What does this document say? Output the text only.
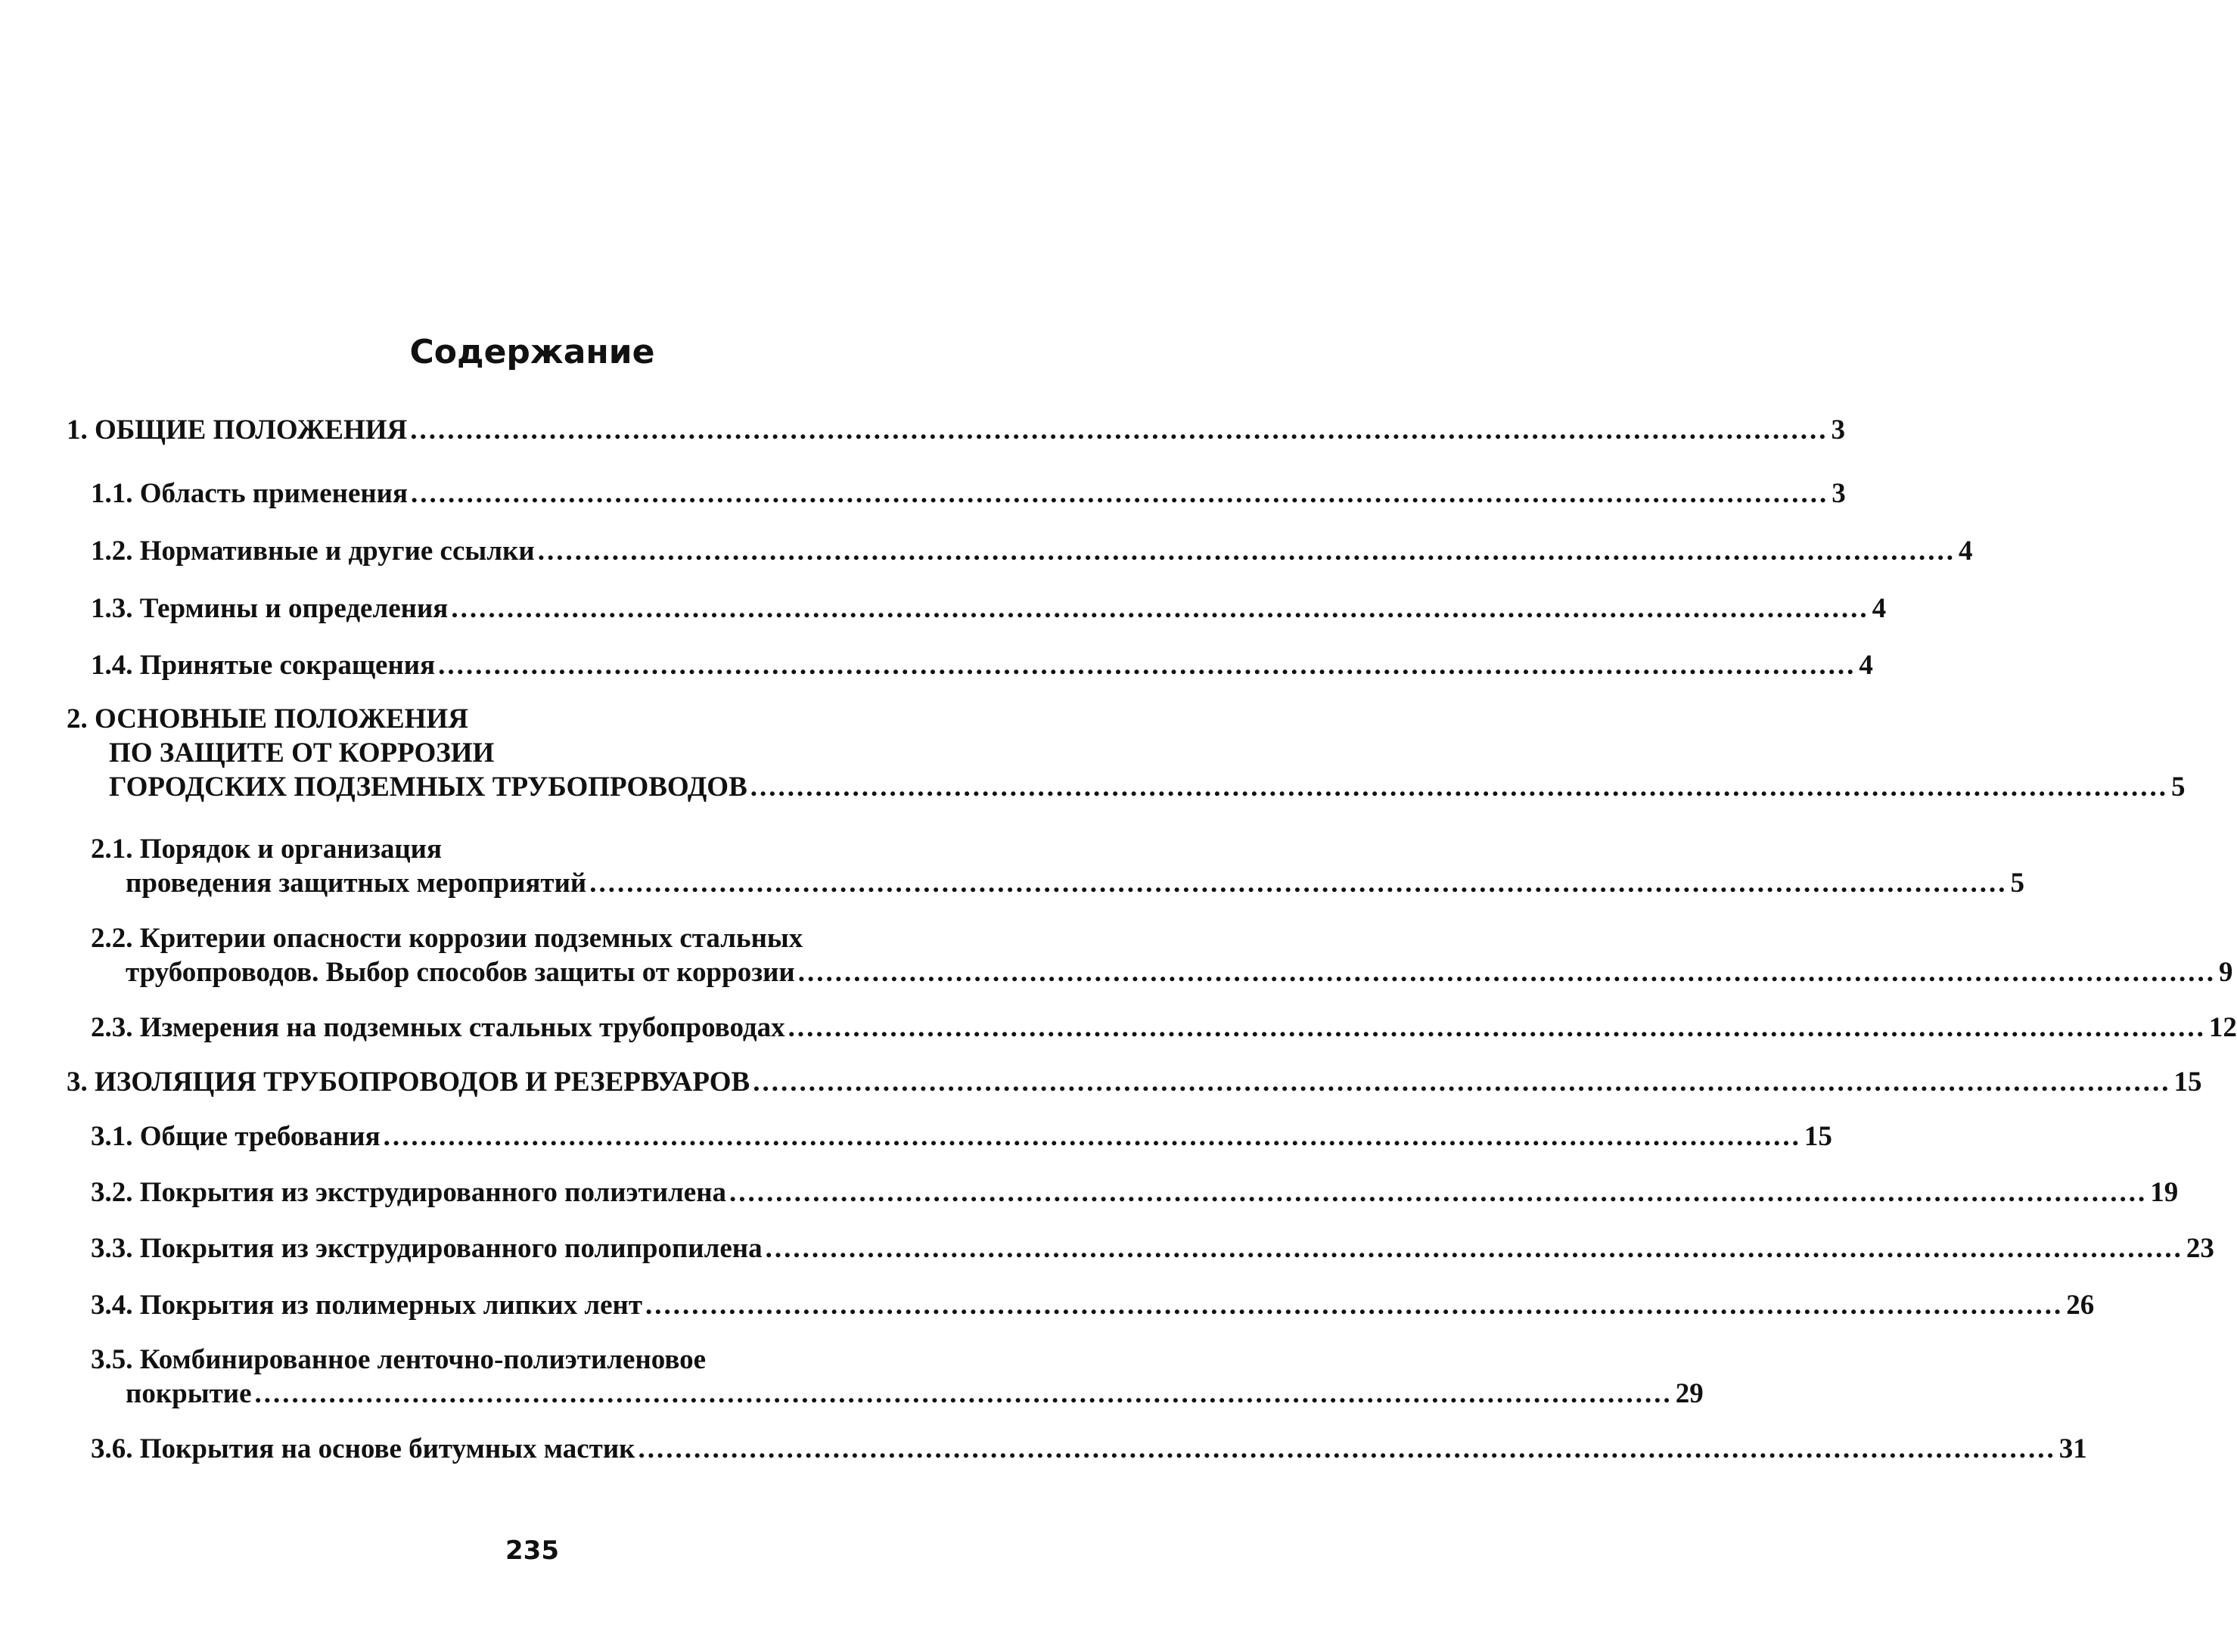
Содержание
1. ОБЩИЕ ПОЛОЖЕНИЯ ......................................................................................................................................................... 3
1.1. Область применения ......................................................................................................................................................... 3
1.2. Нормативные и другие ссылки ......................................................................................................................................................... 4
1.3. Термины и определения ......................................................................................................................................................... 4
1.4. Принятые сокращения ......................................................................................................................................................... 4
2. ОСНОВНЫЕ ПОЛОЖЕНИЯ
ПО ЗАЩИТЕ ОТ КОРРОЗИИ
ГОРОДСКИХ ПОДЗЕМНЫХ ТРУБОПРОВОДОВ ......................................................................................................................................................... 5
2.1. Порядок и организация
проведения защитных мероприятий ......................................................................................................................................................... 5
2.2. Критерии опасности коррозии подземных стальных
трубопроводов. Выбор способов защиты от коррозии ......................................................................................................................................................... 9
2.3. Измерения на подземных стальных трубопроводах ......................................................................................................................................................... 12
3. ИЗОЛЯЦИЯ ТРУБОПРОВОДОВ И РЕЗЕРВУАРОВ ......................................................................................................................................................... 15
3.1. Общие требования ......................................................................................................................................................... 15
3.2. Покрытия из экструдированного полиэтилена ......................................................................................................................................................... 19
3.3. Покрытия из экструдированного полипропилена ......................................................................................................................................................... 23
3.4. Покрытия из полимерных липких лент ......................................................................................................................................................... 26
3.5. Комбинированное ленточно-полиэтиленовое
покрытие ......................................................................................................................................................... 29
3.6. Покрытия на основе битумных мастик ......................................................................................................................................................... 31
235
